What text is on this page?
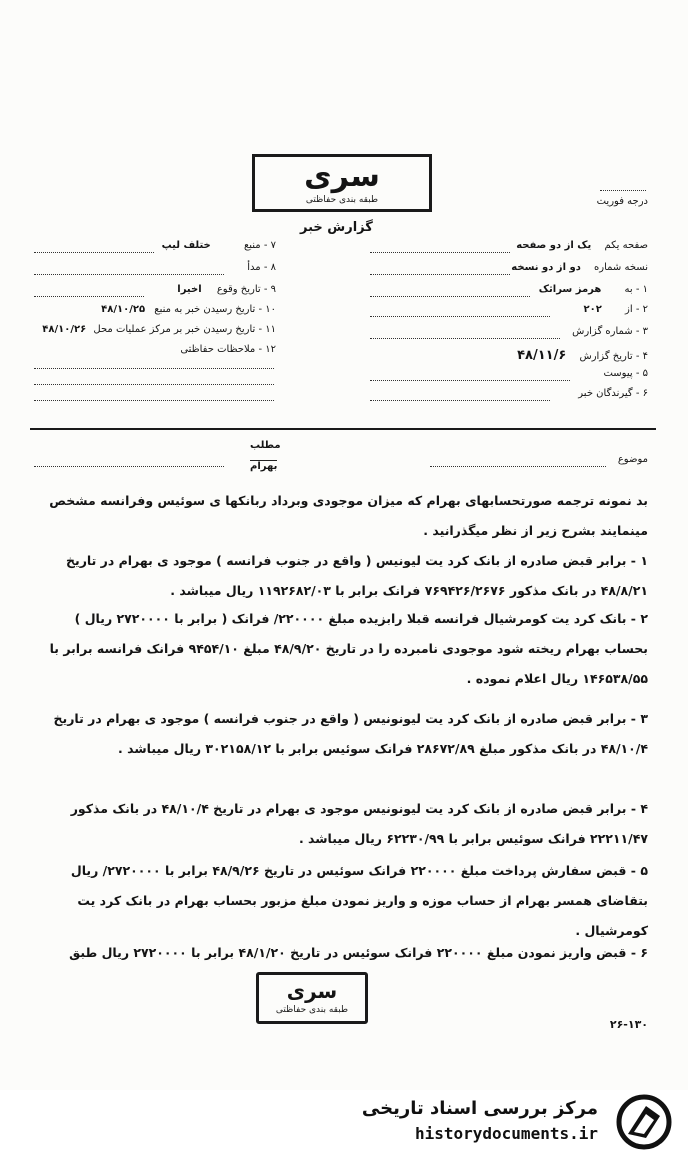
سری
طبقه بندی حفاظتی	درجه فوریت
گزارش خبر
صفحه یکم یک از دو صفحه
نسخه شماره دو از دو نسخه
۱ - به هرمز سراثک
۲ - از ۲۰۲
۳ - شماره گزارش
۴ - تاریخ گزارش ۴۸/۱۱/۶
۵ - پیوست
۶ - گیرندگان خبر
۷ - منبع ختلف لیپ
۸ - مدأ
۹ - تاریخ وقوع اخیرا
۱۰ - تاریخ رسیدن خبر به منبع ۴۸/۱۰/۲۵
۱۱ - تاریخ رسیدن خبر بر مرکز عملیات محل ۴۸/۱۰/۲۶
۱۲ - ملاحظات حفاظتی
موضوع
مطلب
بهرام
بد نمونه ترجمه صورتحسابهای بهرام که میزان موجودی وبرداد ربانکها ی سوئیس وفرانسه مشخص مینمایند بشرح زیر از نظر میگذرانید .
۱ - برابر قبض صادره از بانک کرد یت لیونیس ( واقع در جنوب فرانسه ) موجود ی بهرام در تاریخ ۴۸/۸/۲۱ در بانک مذکور ۷۶۹۴۲۶/۲۶۷۶ فرانک برابر با ۱۱۹۲۶۸۲/۰۳ ریال میباشد .
۲ - بانک کرد یت کومرشیال فرانسه قبلا رابزیده مبلغ ۲۲۰۰۰۰/ فرانک ( برابر با ۲۷۲۰۰۰۰ ریال ) بحساب بهرام ریخته شود موجودی نامبرده را در تاریخ ۴۸/۹/۲۰ مبلغ ۹۴۵۴/۱۰ فرانک فرانسه برابر با ۱۴۶۵۳۸/۵۵ ریال اعلام نموده .
۳ - برابر قبض صادره از بانک کرد یت لیونونیس ( واقع در جنوب فرانسه ) موجود ی بهرام در تاریخ ۴۸/۱۰/۴ در بانک مذکور مبلغ ۲۸۶۷۲/۸۹ فرانک سوئیس برابر با ۳۰۲۱۵۸/۱۲ ریال میباشد .
۴ - برابر قبض صادره از بانک کرد یت لیونونیس موجود ی بهرام در تاریخ ۴۸/۱۰/۴ در بانک مذکور ۲۲۲۱۱/۴۷ فرانک سوئیس برابر با ۶۲۲۳۰/۹۹ ریال میباشد .
۵ - قبض سفارش پرداخت مبلغ ۲۲۰۰۰۰ فرانک سوئیس در تاریخ ۴۸/۹/۲۶ برابر با ۲۷۲۰۰۰۰/ ریال بتقاضای همسر بهرام از حساب موزه و واریز نمودن مبلغ مزبور بحساب بهرام در بانک کرد یت کومرشیال .
۶ - قبض واریز نمودن مبلغ ۲۲۰۰۰۰ فرانک سوئیس در تاریخ ۴۸/۱/۲۰ برابر با ۲۷۲۰۰۰۰ ریال طبق
سری
طبقه بندی حفاظتی
۲۶-۱۳۰
مرکز بررسی اسناد تاریخی
historydocuments.ir
